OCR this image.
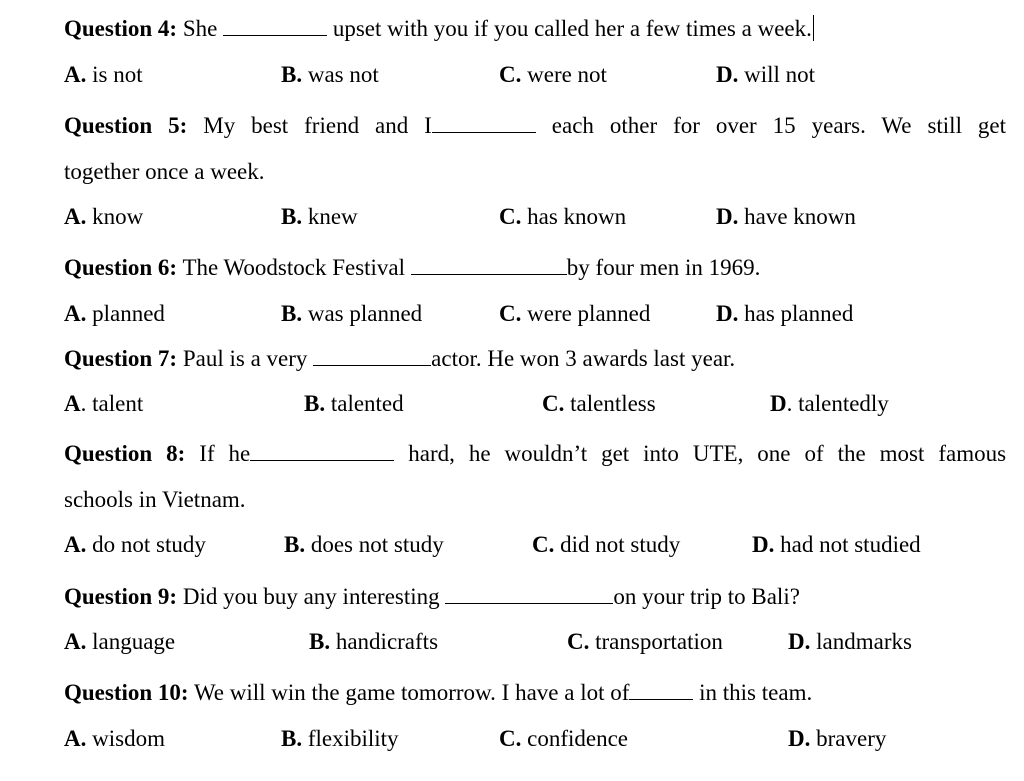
Question 4: She	upset with you if you called her a few times a week.
A. is not	B. was not	C. were not	D. will not
Question 5: My best friend and I	each other for over 15 years. We still get
together once a week.
A. know	B. knew	C. has known	D. have known
Question 6: The Woodstock Festival	by four men in 1969.
A. planned	B. was planned	C. were planned	D. has planned
Question 7: Paul is a very	actor. He won 3 awards last year.
A. talent	B. talented	C. talentless	D. talentedly
Question 8: If he	hard, he wouldn’t get into UTE, one of the most famous
schools in Vietnam.
A. do not study	B. does not study	C. did not study	D. had not studied
Question 9: Did you buy any interesting	on your trip to Bali?
A. language	B. handicrafts	C. transportation	D. landmarks
Question 10: We will win the game tomorrow. I have a lot of	in this team.
A. wisdom	B. flexibility	C. confidence	D. bravery
